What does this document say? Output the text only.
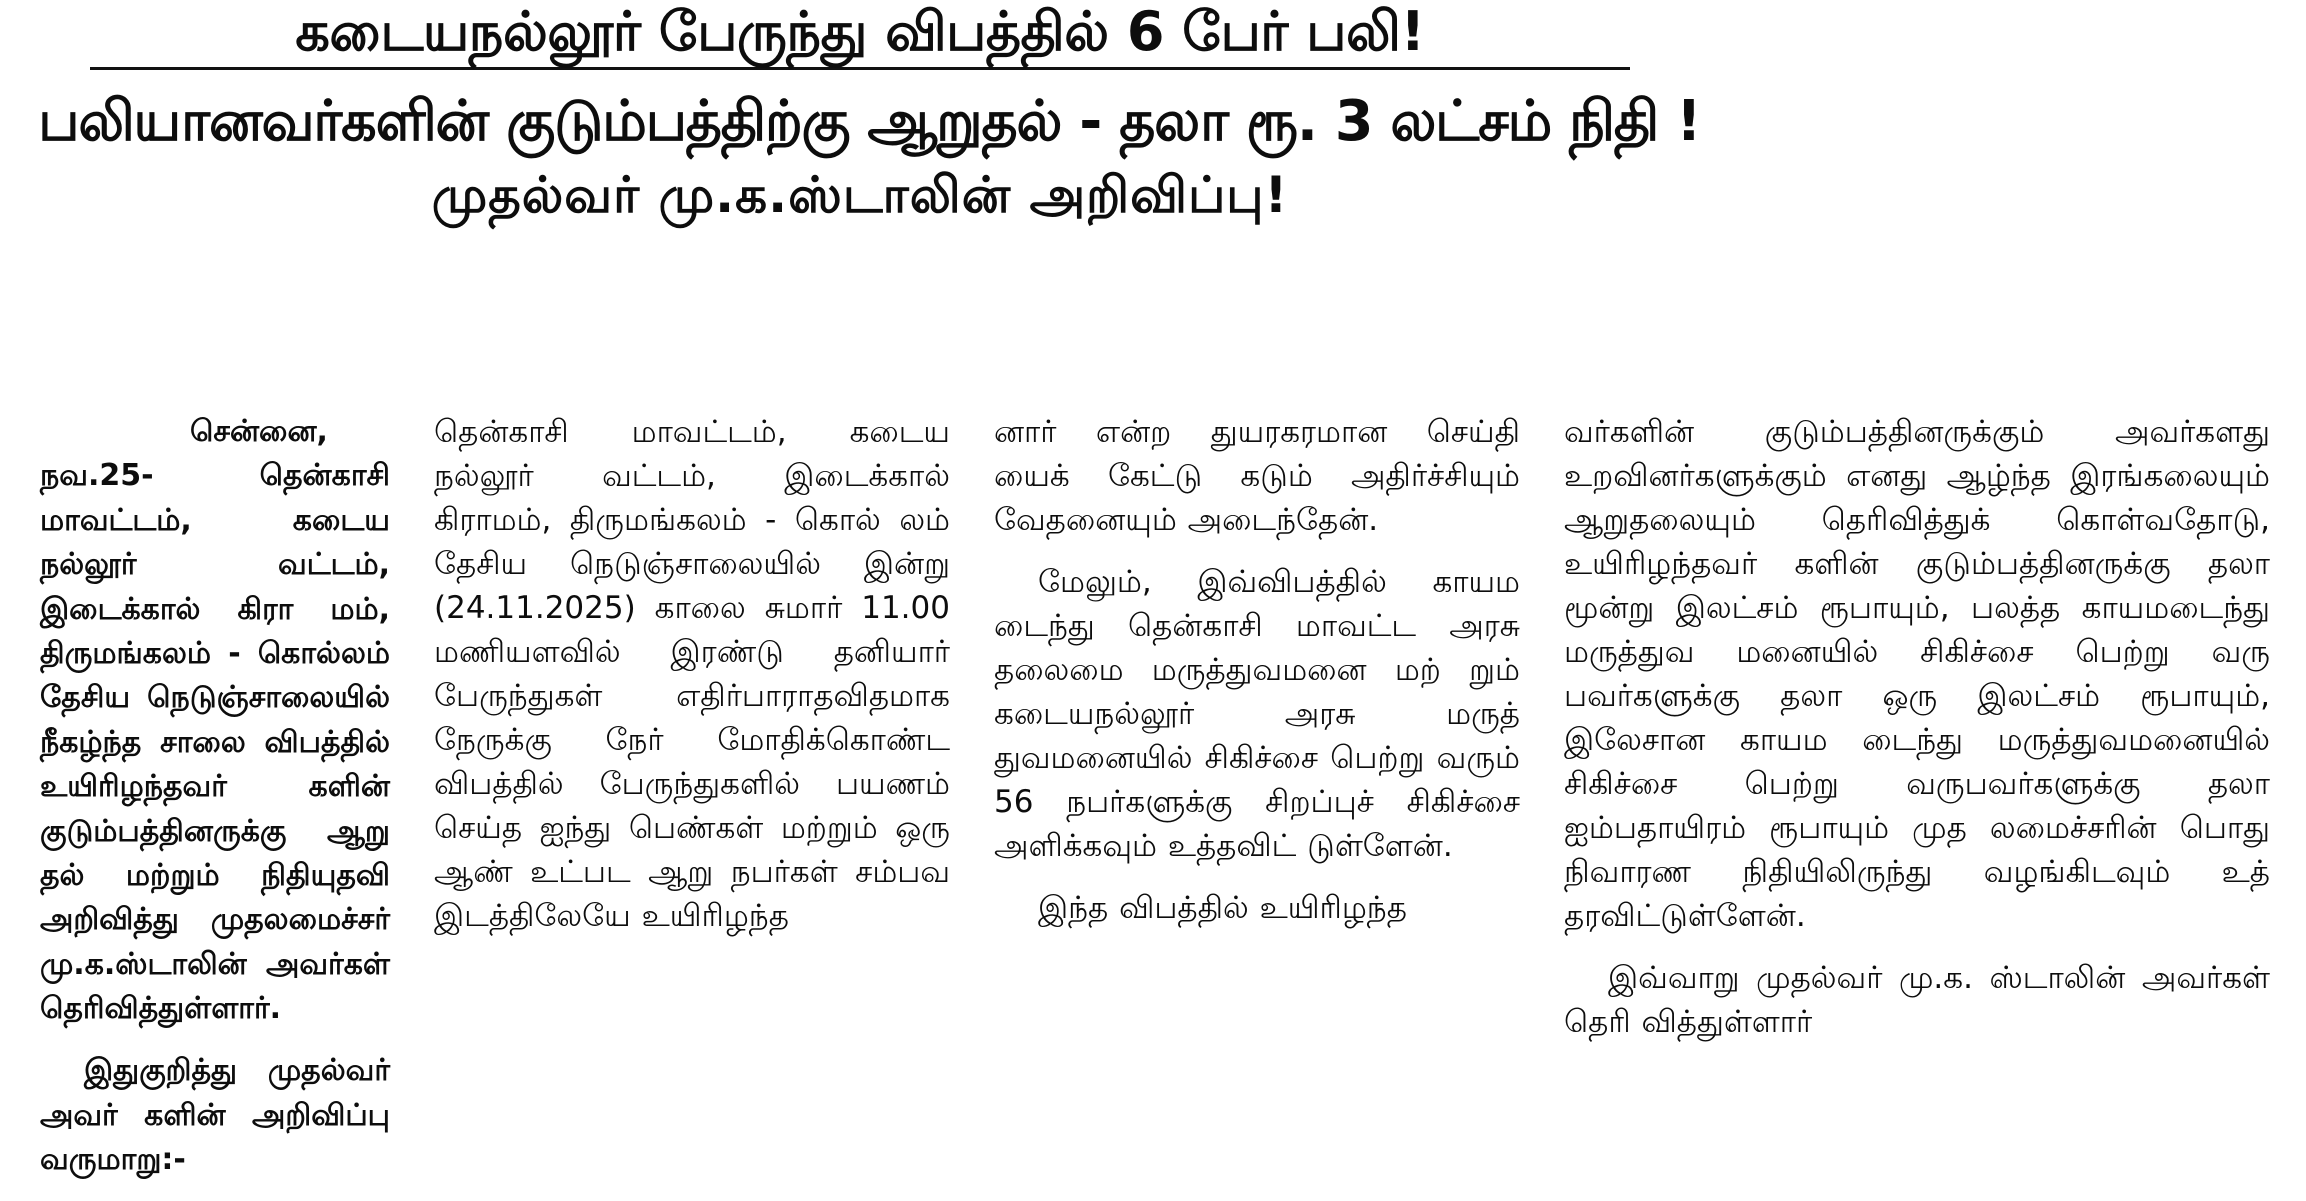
கடையநல்லூர் பேருந்து விபத்தில் 6 பேர் பலி!
பலியானவர்களின் குடும்பத்திற்கு ஆறுதல் - தலா ரூ. 3 லட்சம் நிதி !
முதல்வர் மு.க.ஸ்டாலின் அறிவிப்பு!

சென்னை, நவ.25- தென்காசி மாவட்டம், கடைய நல்லூர் வட்டம், இடைக்கால் கிரா மம், திருமங்கலம் - கொல்லம் தேசிய நெடுஞ்சாலையில் நீகழ்ந்த சாலை விபத்தில் உயிரிழந்தவர் களின் குடும்பத்தினருக்கு ஆறு தல் மற்றும் நிதியுதவி அறிவித்து முதலமைச்சர் மு.க.ஸ்டாலின் அவர்கள் தெரிவித்துள்ளார்.

இதுகுறித்து முதல்வர் அவர் களின் அறிவிப்பு வருமாறு:-

தென்காசி மாவட்டம், கடைய நல்லூர் வட்டம், இடைக்கால் கிராமம், திருமங்கலம் - கொல் லம் தேசிய நெடுஞ்சாலையில் இன்று (24.11.2025) காலை சுமார் 11.00 மணியளவில் இரண்டு தனியார் பேருந்துகள் எதிர்பாராதவிதமாக நேருக்கு நேர் மோதிக்கொண்ட விபத்தில் பேருந்துகளில் பயணம் செய்த ஐந்து பெண்கள் மற்றும் ஒரு ஆண் உட்பட ஆறு நபர்கள் சம்பவ இடத்திலேயே உயிரிழந்த

னார் என்ற துயரகரமான செய்தி யைக் கேட்டு கடும் அதிர்ச்சியும் வேதனையும் அடைந்தேன்.

மேலும், இவ்விபத்தில் காயம டைந்து தென்காசி மாவட்ட அரசு தலைமை மருத்துவமனை மற் றும் கடையநல்லூர் அரசு மருத் துவமனையில் சிகிச்சை பெற்று வரும் 56 நபர்களுக்கு சிறப்புச் சிகிச்சை அளிக்கவும் உத்தவிட் டுள்ளேன்.

இந்த விபத்தில் உயிரிழந்த

வர்களின் குடும்பத்தினருக்கும் அவர்களது உறவினர்களுக்கும் எனது ஆழ்ந்த இரங்கலையும் ஆறுதலையும் தெரிவித்துக் கொள்வதோடு, உயிரிழந்தவர் களின் குடும்பத்தினருக்கு தலா மூன்று இலட்சம் ரூபாயும், பலத்த காயமடைந்து மருத்துவ மனையில் சிகிச்சை பெற்று வரு பவர்களுக்கு தலா ஒரு இலட்சம் ரூபாயும், இலேசான காயம டைந்து மருத்துவமனையில் சிகிச்சை பெற்று வருபவர்களுக்கு தலா ஐம்பதாயிரம் ரூபாயும் முத லமைச்சரின் பொது நிவாரண நிதியிலிருந்து வழங்கிடவும் உத் தரவிட்டுள்ளேன்.

இவ்வாறு முதல்வர் மு.க. ஸ்டாலின் அவர்கள் தெரி வித்துள்ளார்
